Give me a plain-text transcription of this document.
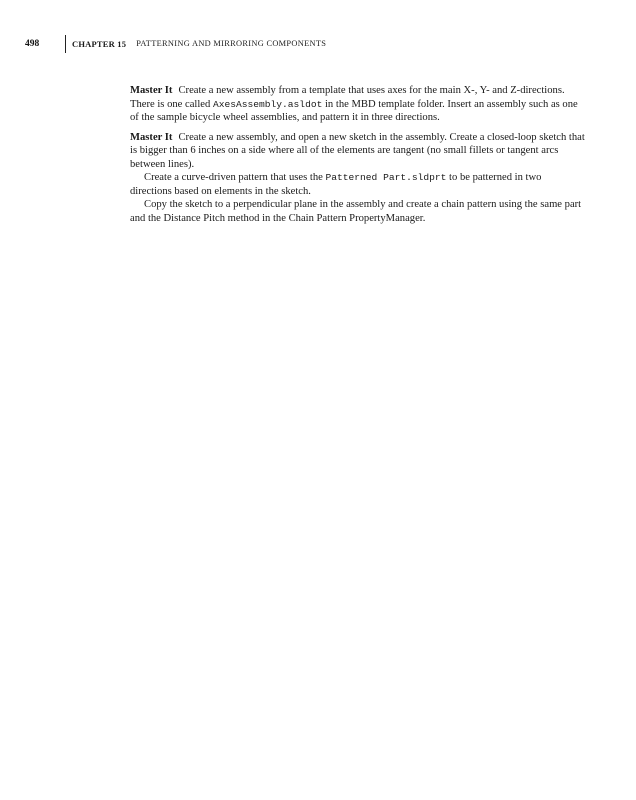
498	CHAPTER 15 PATTERNING AND MIRRORING COMPONENTS

Master It Create a new assembly from a template that uses axes for the main X-, Y- and Z-directions. There is one called AxesAssembly.asldot in the MBD template folder. Insert an assembly such as one of the sample bicycle wheel assemblies, and pattern it in three directions.

Master It Create a new assembly, and open a new sketch in the assembly. Create a closed-loop sketch that is bigger than 6 inches on a side where all of the elements are tangent (no small fillets or tangent arcs between lines).

Create a curve-driven pattern that uses the Patterned Part.sldprt to be patterned in two directions based on elements in the sketch.

Copy the sketch to a perpendicular plane in the assembly and create a chain pattern using the same part and the Distance Pitch method in the Chain Pattern PropertyManager.
